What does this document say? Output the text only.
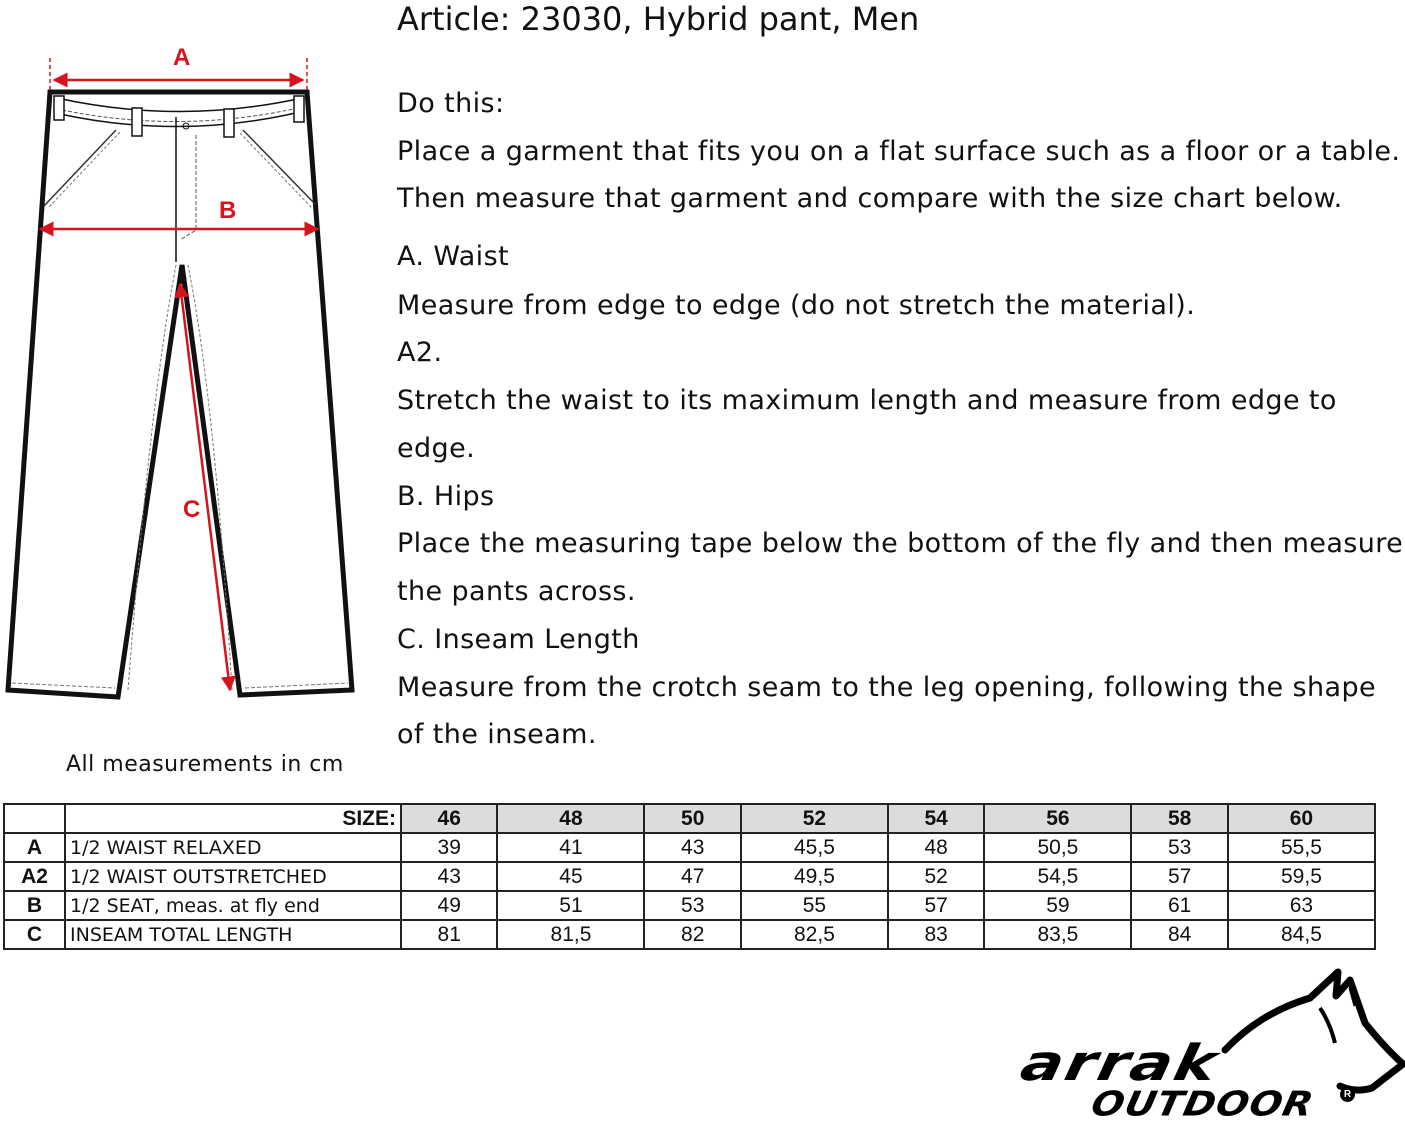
Article: 23030, Hybrid pant, Men
A
B
C
All measurements in cm
Do this:
Place a garment that fits you on a flat surface such as a floor or a table.
Then measure that garment and compare with the size chart below.
A. Waist
Measure from edge to edge (do not stretch the material).
A2.
Stretch the waist to its maximum length and measure from edge to
edge.
B. Hips
Place the measuring tape below the bottom of the fly and then measure
the pants across.
C. Inseam Length
Measure from the crotch seam to the leg opening, following the shape
of the inseam.
	SIZE:	46	48	50	52	54	56	58	60
A	1/2 WAIST RELAXED	39	41	43	45,5	48	50,5	53	55,5
A2	1/2 WAIST OUTSTRETCHED	43	45	47	49,5	52	54,5	57	59,5
B	1/2 SEAT, meas. at fly end	49	51	53	55	57	59	61	63
C	INSEAM TOTAL LENGTH	81	81,5	82	82,5	83	83,5	84	84,5
arrak
OUTDOOR	R
